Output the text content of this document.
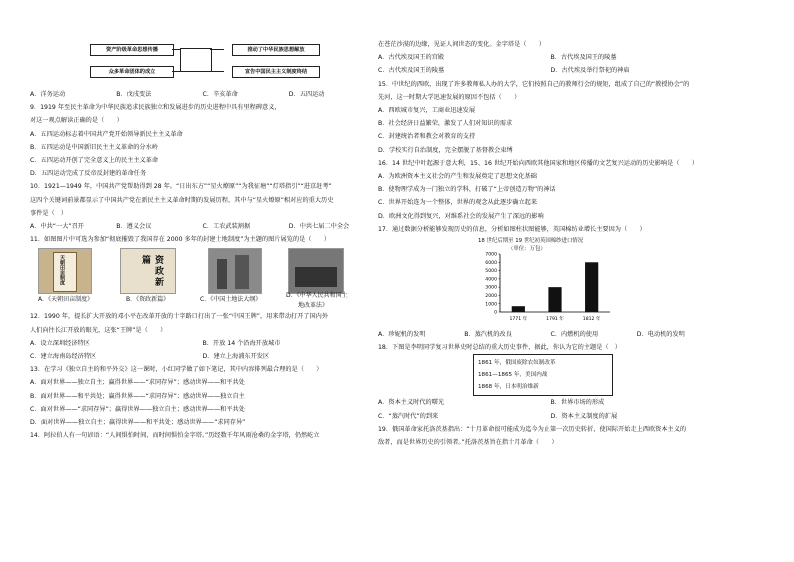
资产阶级革命思想传播
众多革命团体的成立
推动了中华民族思想解放
宣告中国民主主义制度终结
A．洋务运动	B．戊戌变法	C．辛亥革命	D．五四运动
9．1919 年至民主革命为中华民族追求民族独立和发展进步的历史进程中具有里程碑意义，
对这一观点解读正确的是（　　）
A．五四运动标志着中国共产党开始领导新民主主义革命
B．五四运动是中国新旧民主主义革命的分水岭
C．五四运动开创了完全意义上的民主主义革命
D．五四运动完成了反帝反封建的革命任务
10．1921—1949 年，中国共产党帮助得到 28 年。“日出东方”“星火燎原”“为我征塘”“灯塔指引”“进京赶考”
这四个关键词前景都显示了中国共产党在新民主主义革命时期的发展历程，其中与“星火燎原”相对应的重大历史
事件是（　）
A．中共“一大”召开	B．遵义会议	C．工农武装割据	D．中共七届二中全会
11．如图图片中可选为参加“彻底摧毁了我国存在 2000 多年的封建土地制度”为主题的图片展览的是（　　）
天朝田亩制度	资政新篇
A．《天朝田亩制度》	B．《资政新篇》	C．《中国土地法大纲》
D．《中华人民共和国土
地改革法》
12．1990 年，提长扩大开放的邓小平在改革开放的十字路口打出了一张“中国王牌”，用来带动打开了国内外
人们向往长江开放的眼光，这张“王牌”是（　　）
A．设立深圳经济特区	B．开放 14 个沿海开放城市
C．建立海南岛经济特区	D．建立上海浦东开发区
13．在学习《独立自主的和平外交》这一课时，小红同学做了如下笔记，其中内容排列最合理的是（　　）
A．面对世界——独立自主；赢得世界——“求同存异”；感动世界——和平共处
B．面对世界——和平共处；赢得世界——“求同存异”；感动世界——独立自主
C．面对世界——“求同存异”；赢得世界——独立自主；感动世界——和平共处
D．面对世界——独立自主；赢得世界——和平共处；感动世界——“求同存异”
14．阿拉伯人有一句谚语：“人间惧怕时间，而时间惧怕金字塔。”历经数千年风雨沧桑的金字塔，仍然屹立
在苍茫沙漠的边缘，见证人间世态的变化。金字塔是（　　）
A．古代埃及国王的宫殿	B．古代埃及国王的陵墓
C．古代埃及国王的陵墓	D．古代埃及举行祭祀的神庙
15．中世纪的西欧，出现了许多教师私人办的大学，它们按照自己的教师行会的规矩，组成了自己的“教授协会”的
先河，这一时期大学迅速发展的原因不包括（　　）
A．西欧城市复兴，工商业迅速发展
B．社会经济日益繁荣，激发了人们对知识的需求
C．封建统治者和教会对教育的支持
D．学校实行自治制度，完全摆脱了基督教会束缚
16．14 世纪中叶起源于意大利，15、16 世纪开始向西欧其他国家和地区传播的文艺复兴运动的历史影响是（　　）
A．为欧洲资本主义社会的产生和发展奠定了思想文化基础
B．使物理学成为一门独立的学科，打破了“上帝创造万物”的神话
C．世界开始连为一个整体，世界的观念从此逐步确立起来
D．欧洲文化得到复兴，对维系社会的发展产生了深远的影响
17．通过数据分析能够发现历史的信息，分析如图柱状图能够，英国棉纺业增长主要因为（　　）
18 世纪后期至 19 世纪初英国棉纱进口情况
（单位：万包）
0
1000
2000
3000
4000
5000
6000
7000
1771 年	1791 年	1812 年
A．珍妮机的发明	B．蒸汽机的改良	C．内燃机的使用	D．电动机的发明
18．下图是李明同学复习世界史时总结的重大历史事件，据此，你认为它的主题是（　）
1861 年，俄国废除农奴制改革
1861—1865 年，美国内战
1868 年，日本明治维新
A．资本主义时代的曙光	B．世界市场的形成
C．“蒸汽时代”的到来	D．资本主义制度的扩展
19．俄国革命家托洛茨基指出：“十月革命很可能成为迄今为止第一次历史转折，使国际开始走上西欧资本主义的
敌者，而是世界历史的引领者。”托洛茨基旨在指十月革命（　　）
